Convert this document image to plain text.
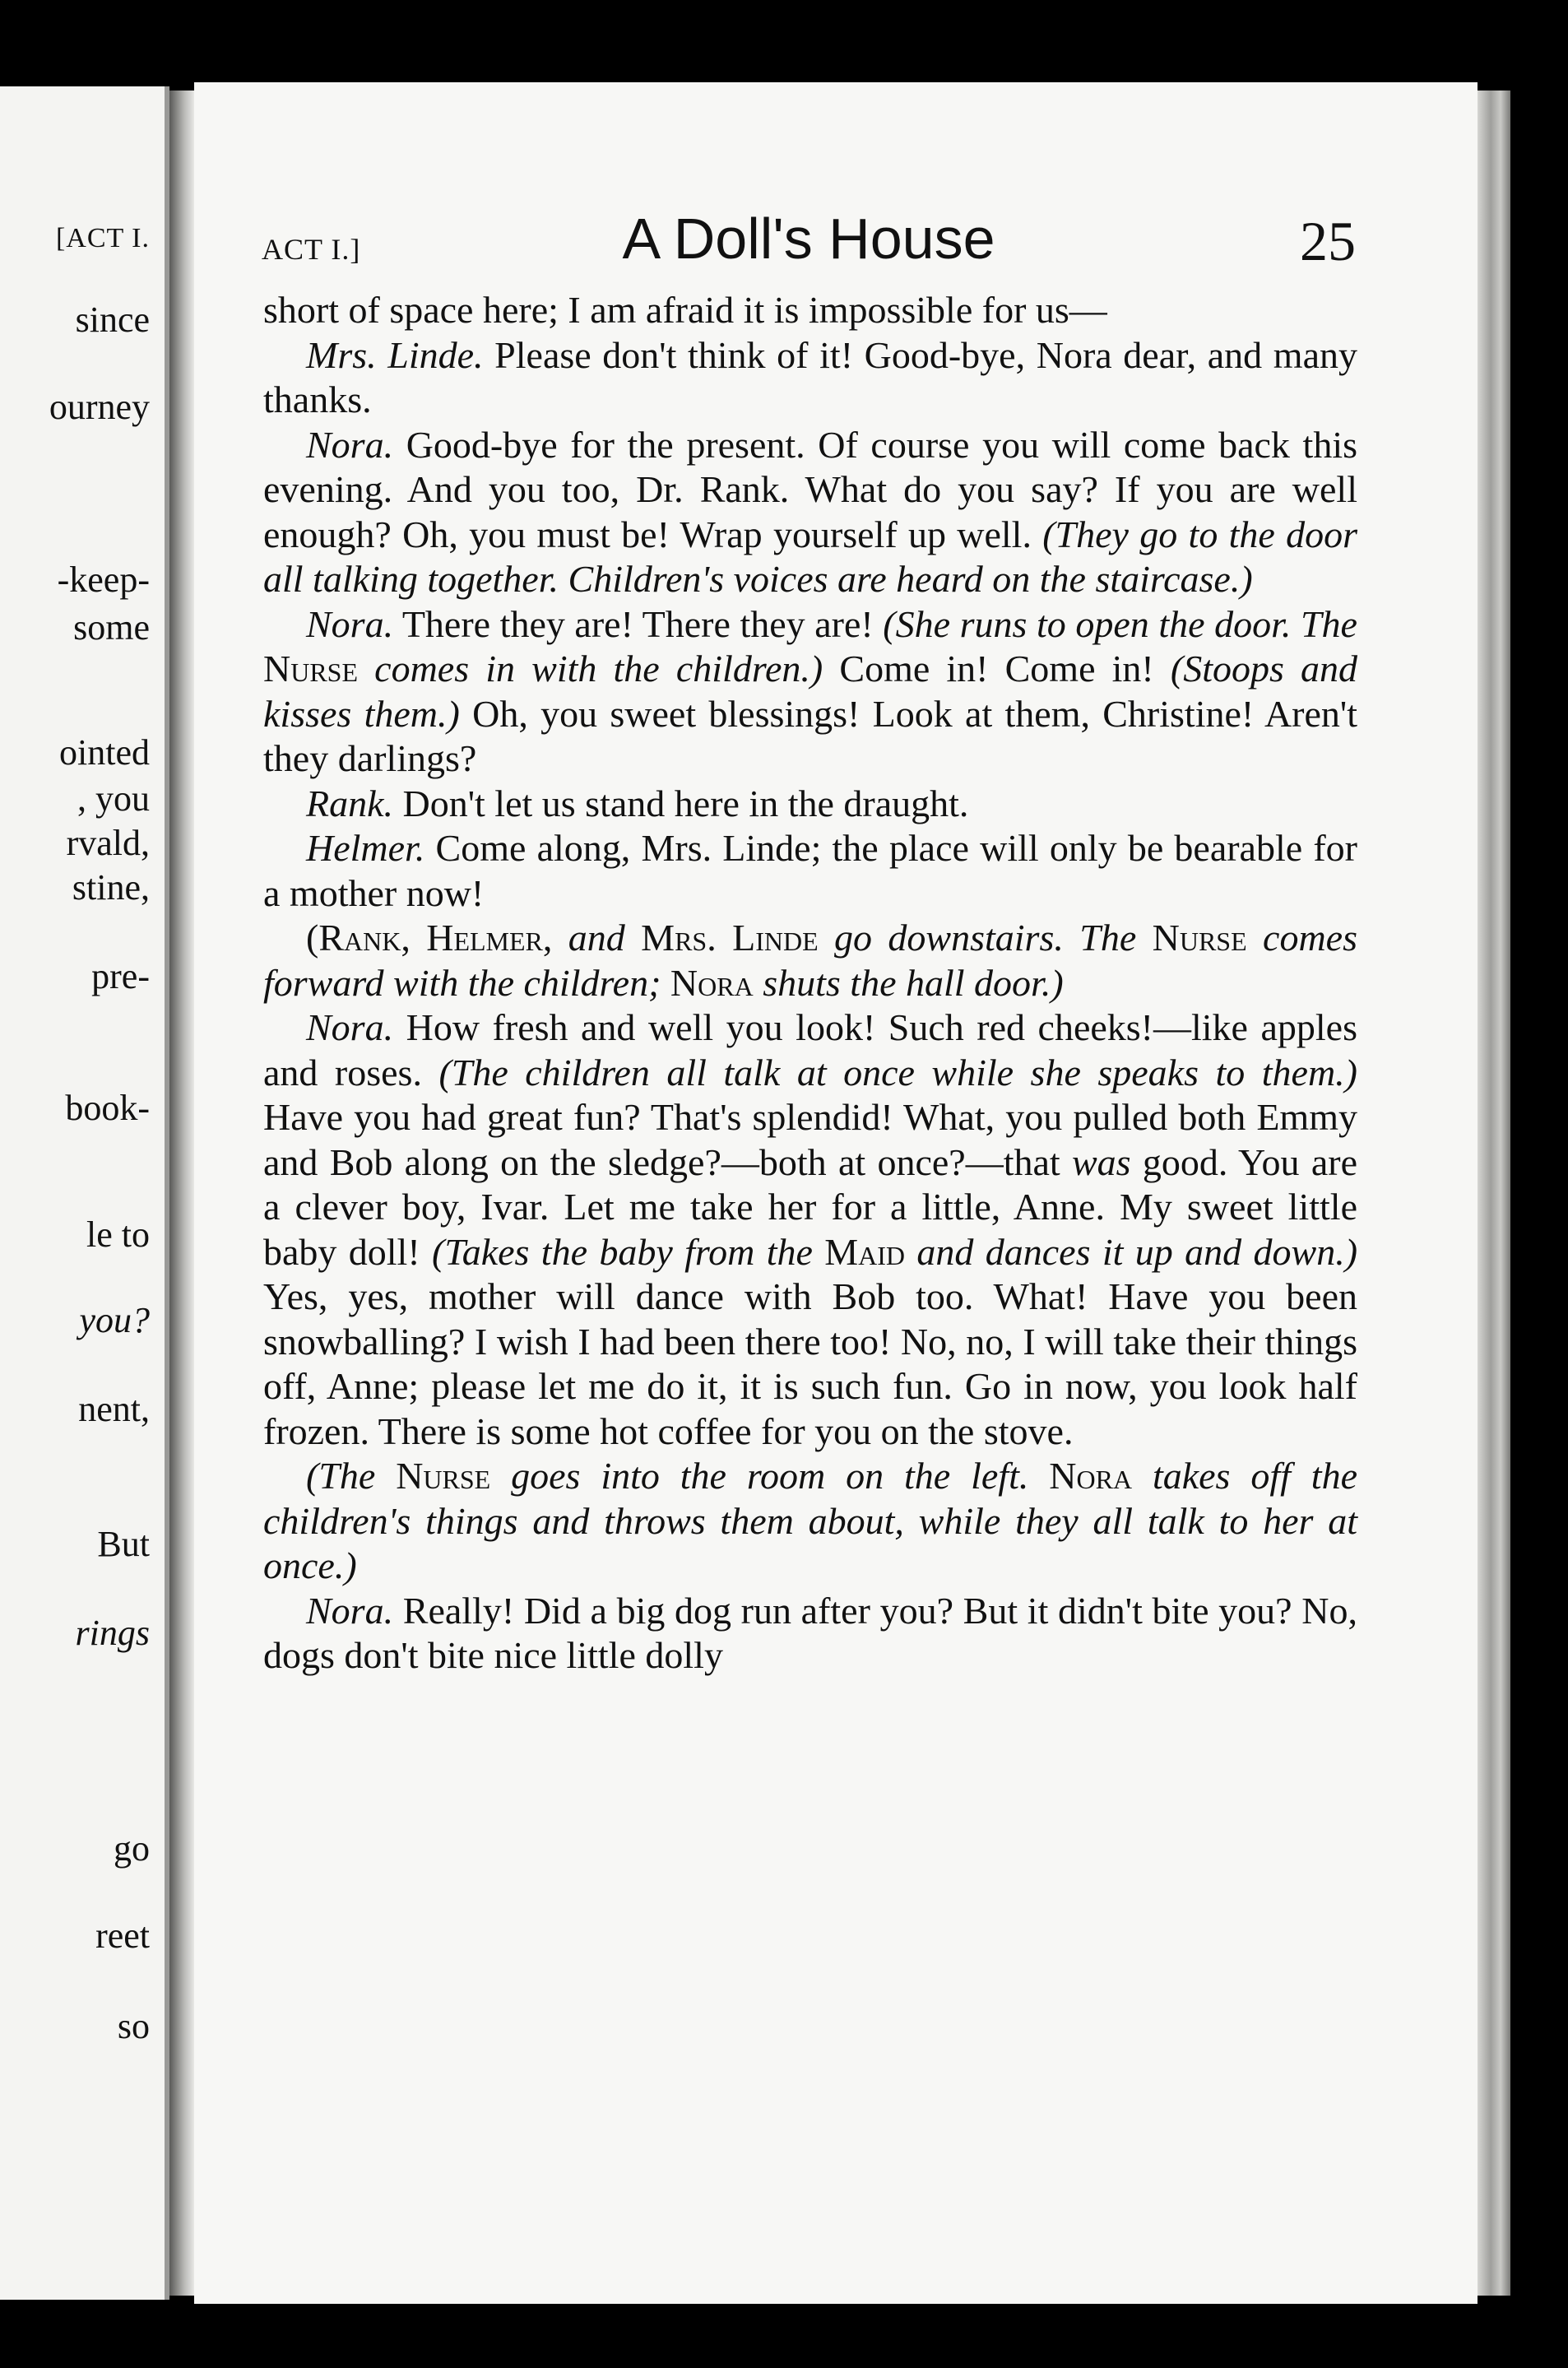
[ACT I.
since
ourney
-keep-
some
ointed
, you
rvald,
stine,
pre-
book-
le to
you?
nent,
But
rings
go
reet
so
ACT I.]	A Doll's House	25

short of space here; I am afraid it is impossible for us—

Mrs. Linde. Please don't think of it! Good-bye, Nora dear, and many thanks.

Nora. Good-bye for the present. Of course you will come back this evening. And you too, Dr. Rank. What do you say? If you are well enough? Oh, you must be! Wrap yourself up well. (They go to the door all talking together. Children's voices are heard on the staircase.)

Nora. There they are! There they are! (She runs to open the door. The Nurse comes in with the children.) Come in! Come in! (Stoops and kisses them.) Oh, you sweet blessings! Look at them, Christine! Aren't they darlings?

Rank. Don't let us stand here in the draught.

Helmer. Come along, Mrs. Linde; the place will only be bearable for a mother now!

(Rank, Helmer, and Mrs. Linde go downstairs. The Nurse comes forward with the children; Nora shuts the hall door.)

Nora. How fresh and well you look! Such red cheeks!—like apples and roses. (The children all talk at once while she speaks to them.) Have you had great fun? That's splendid! What, you pulled both Emmy and Bob along on the sledge?—both at once?—that was good. You are a clever boy, Ivar. Let me take her for a little, Anne. My sweet little baby doll! (Takes the baby from the Maid and dances it up and down.) Yes, yes, mother will dance with Bob too. What! Have you been snowballing? I wish I had been there too! No, no, I will take their things off, Anne; please let me do it, it is such fun. Go in now, you look half frozen. There is some hot coffee for you on the stove.

(The Nurse goes into the room on the left. Nora takes off the children's things and throws them about, while they all talk to her at once.)

Nora. Really! Did a big dog run after you? But it didn't bite you? No, dogs don't bite nice little dolly
